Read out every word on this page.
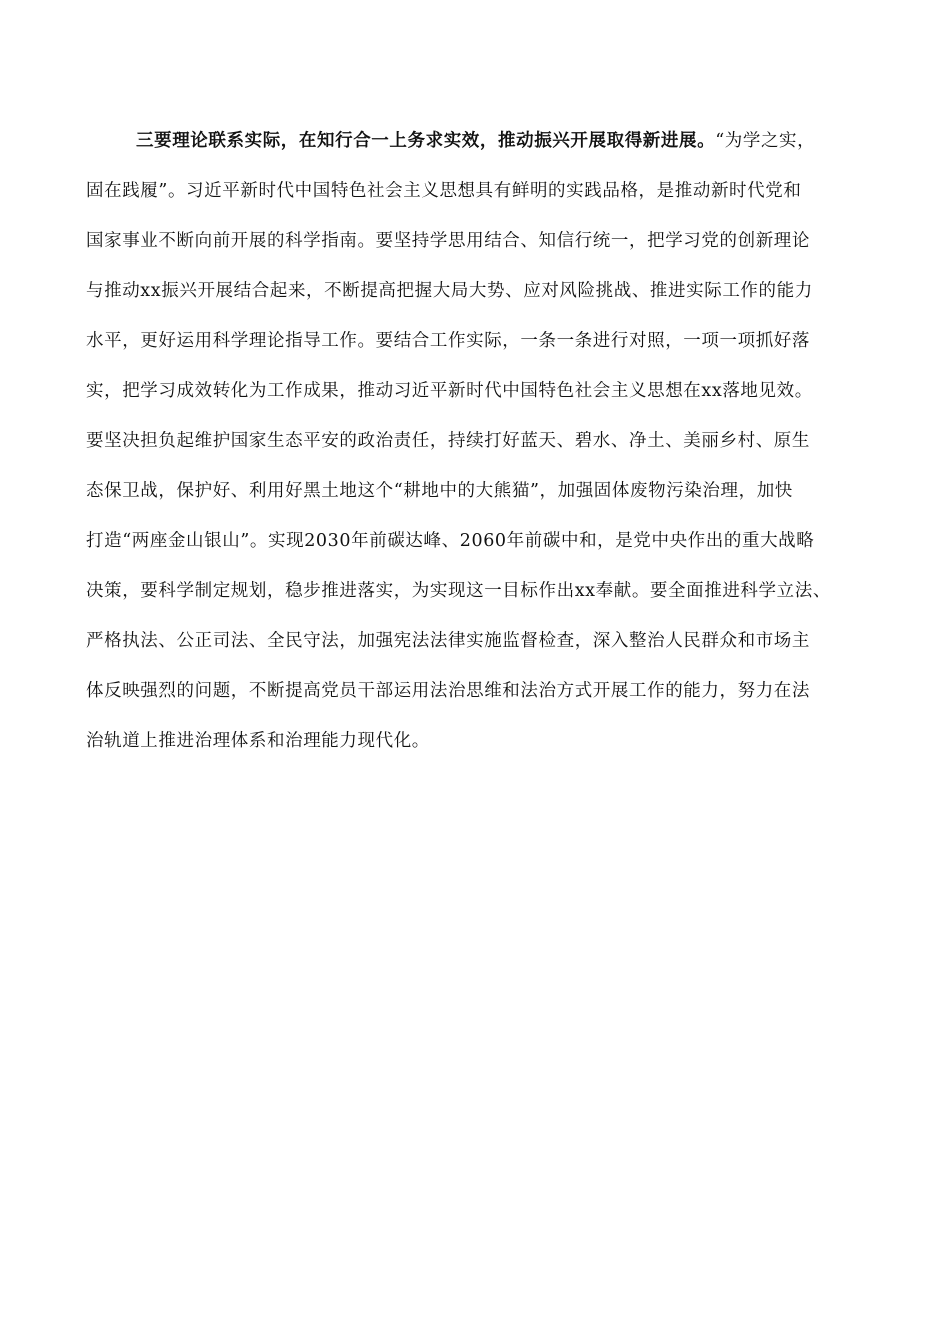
三要理论联系实际，在知行合一上务求实效，推动振兴开展取得新进展。“为学之实，
固在践履”。习近平新时代中国特色社会主义思想具有鲜明的实践品格，是推动新时代党和
国家事业不断向前开展的科学指南。要坚持学思用结合、知信行统一，把学习党的创新理论
与推动xx振兴开展结合起来，不断提高把握大局大势、应对风险挑战、推进实际工作的能力
水平，更好运用科学理论指导工作。要结合工作实际，一条一条进行对照，一项一项抓好落
实，把学习成效转化为工作成果，推动习近平新时代中国特色社会主义思想在xx落地见效。
要坚决担负起维护国家生态平安的政治责任，持续打好蓝天、碧水、净土、美丽乡村、原生
态保卫战，保护好、利用好黑土地这个“耕地中的大熊猫”，加强固体废物污染治理，加快
打造“两座金山银山”。实现2030年前碳达峰、2060年前碳中和，是党中央作出的重大战略
决策，要科学制定规划，稳步推进落实，为实现这一目标作出xx奉献。要全面推进科学立法、
严格执法、公正司法、全民守法，加强宪法法律实施监督检查，深入整治人民群众和市场主
体反映强烈的问题，不断提高党员干部运用法治思维和法治方式开展工作的能力，努力在法
治轨道上推进治理体系和治理能力现代化。
